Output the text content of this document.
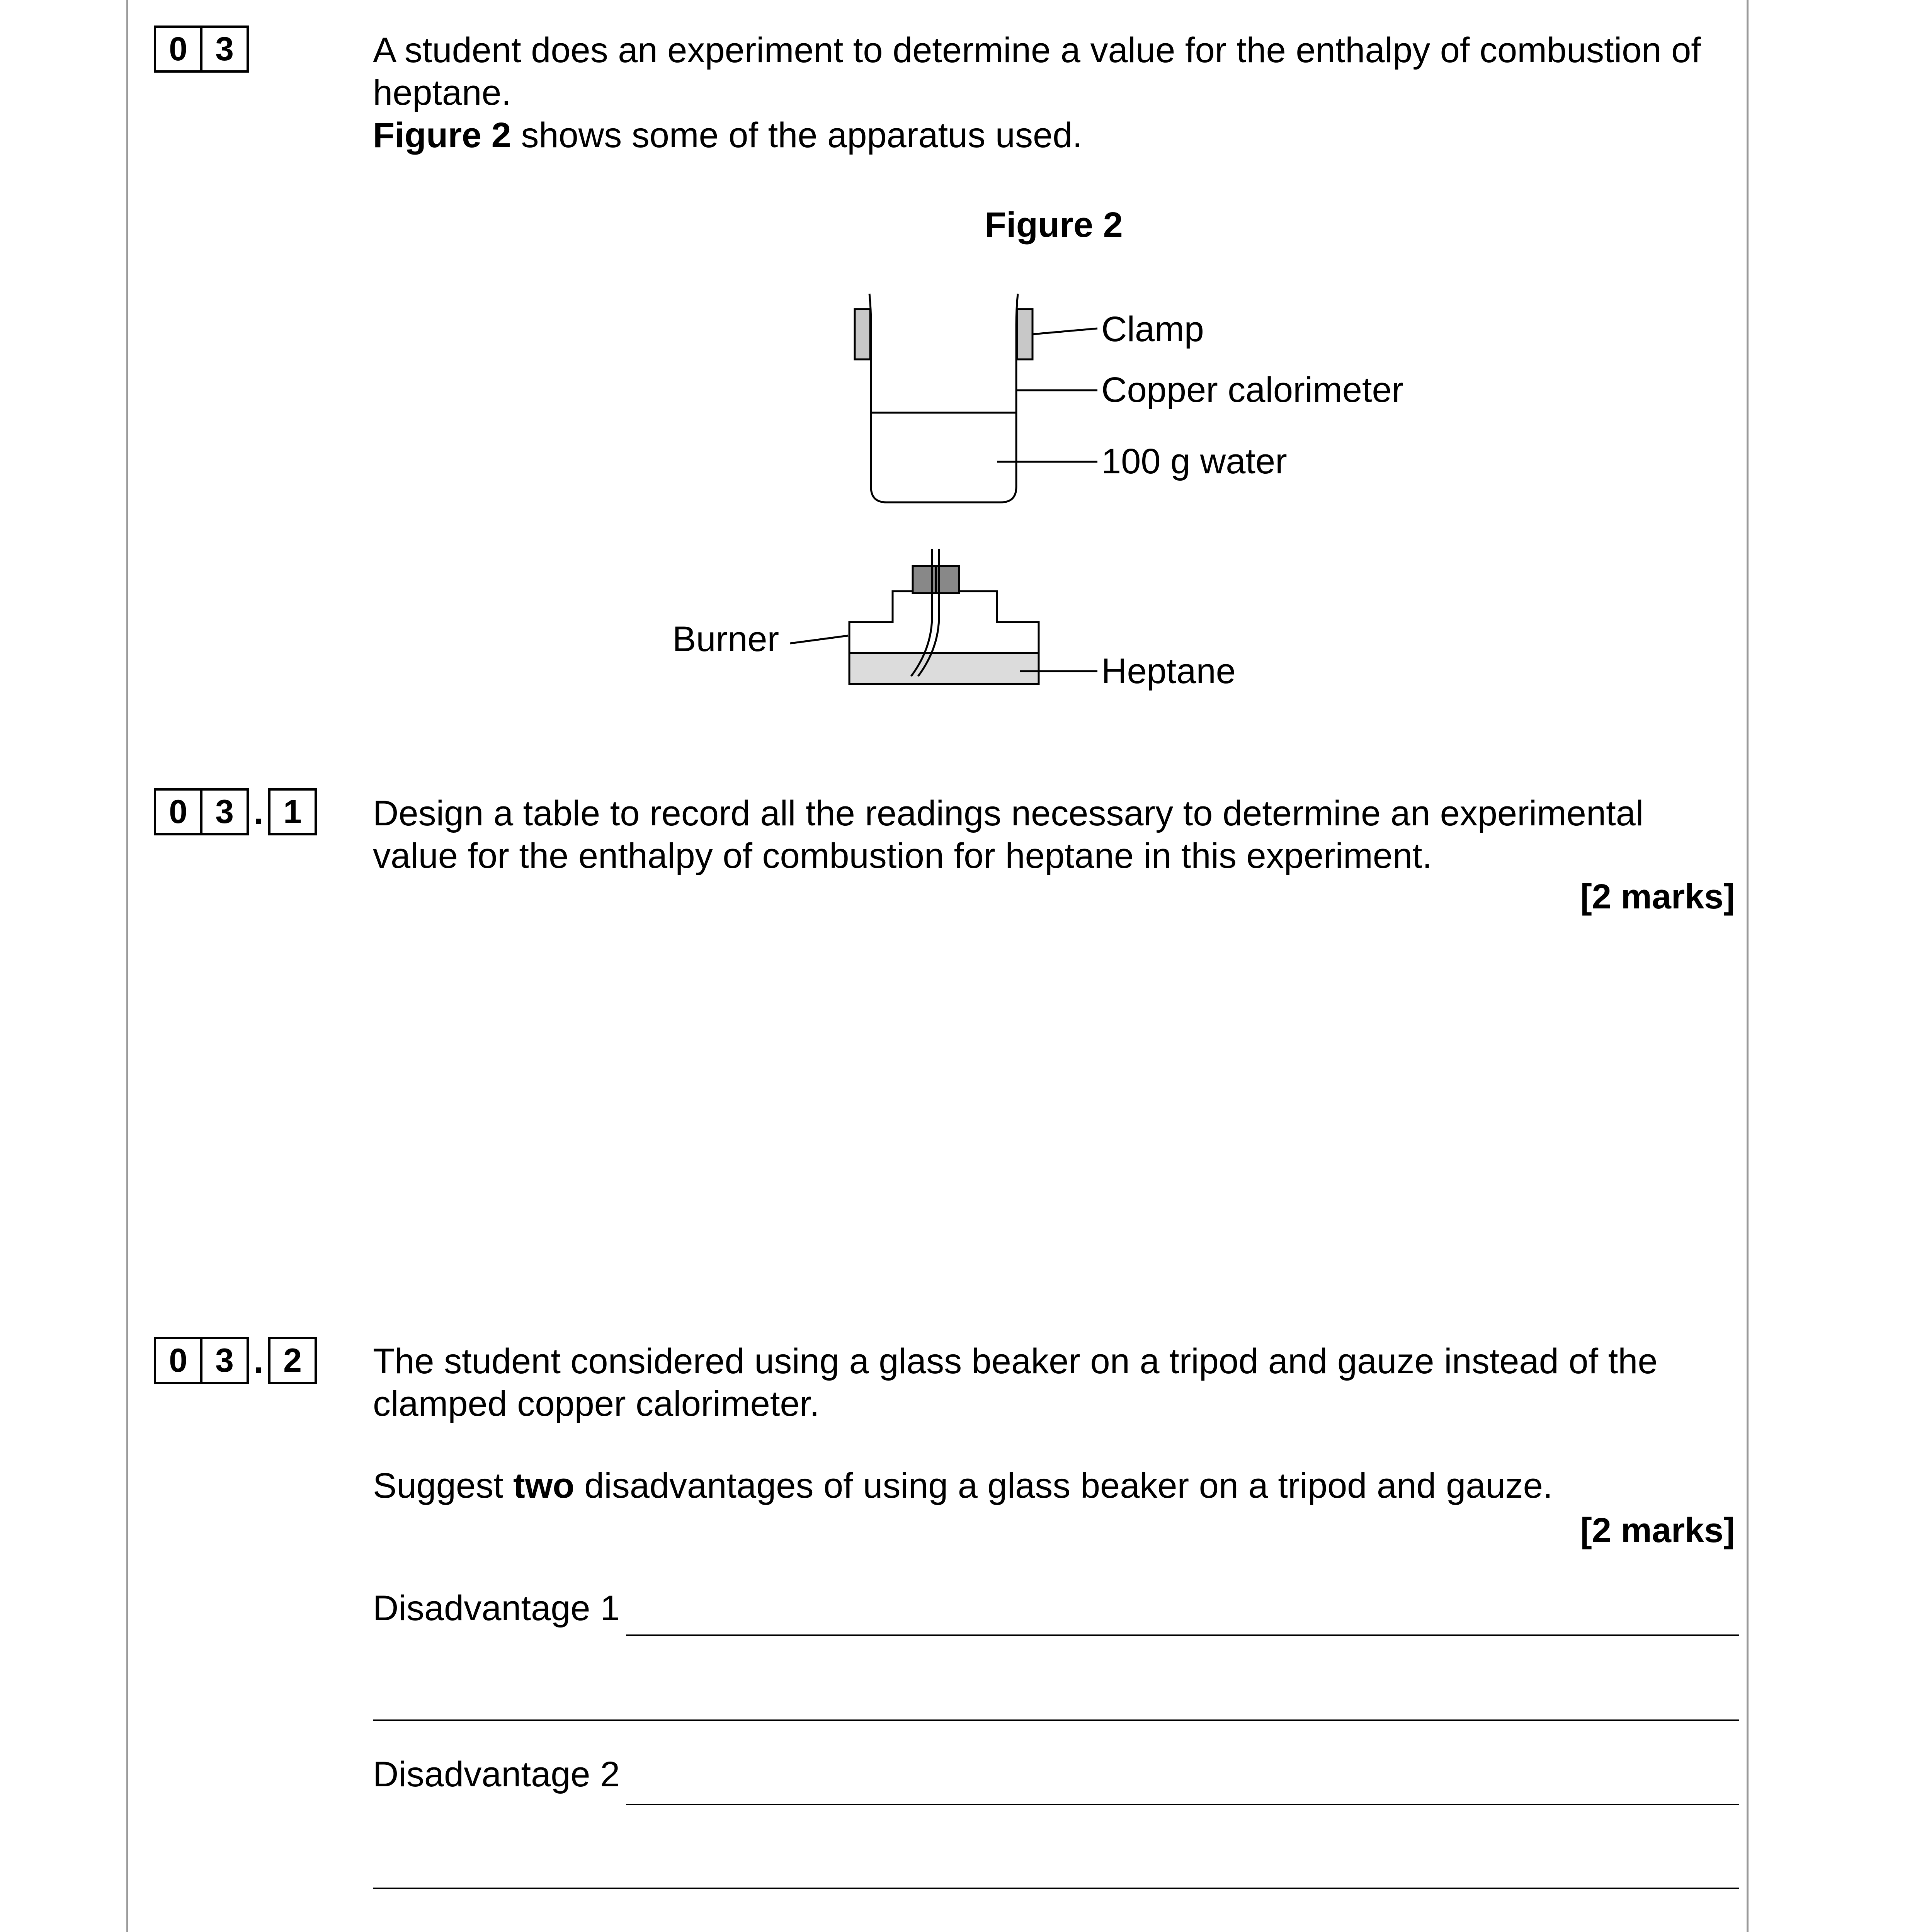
0 3	A student does an experiment to determine a value for the enthalpy of combustion of heptane.

Figure 2 shows some of the apparatus used.

Figure 2
Clamp
Copper calorimeter
100 g water
Burner
Heptane
0 3 . 1	Design a table to record all the readings necessary to determine an experimental value for the enthalpy of combustion for heptane in this experiment.
[2 marks]
0 3 . 2	The student considered using a glass beaker on a tripod and gauze instead of the clamped copper calorimeter.
Suggest two disadvantages of using a glass beaker on a tripod and gauze.
[2 marks]
Disadvantage 1
Disadvantage 2
